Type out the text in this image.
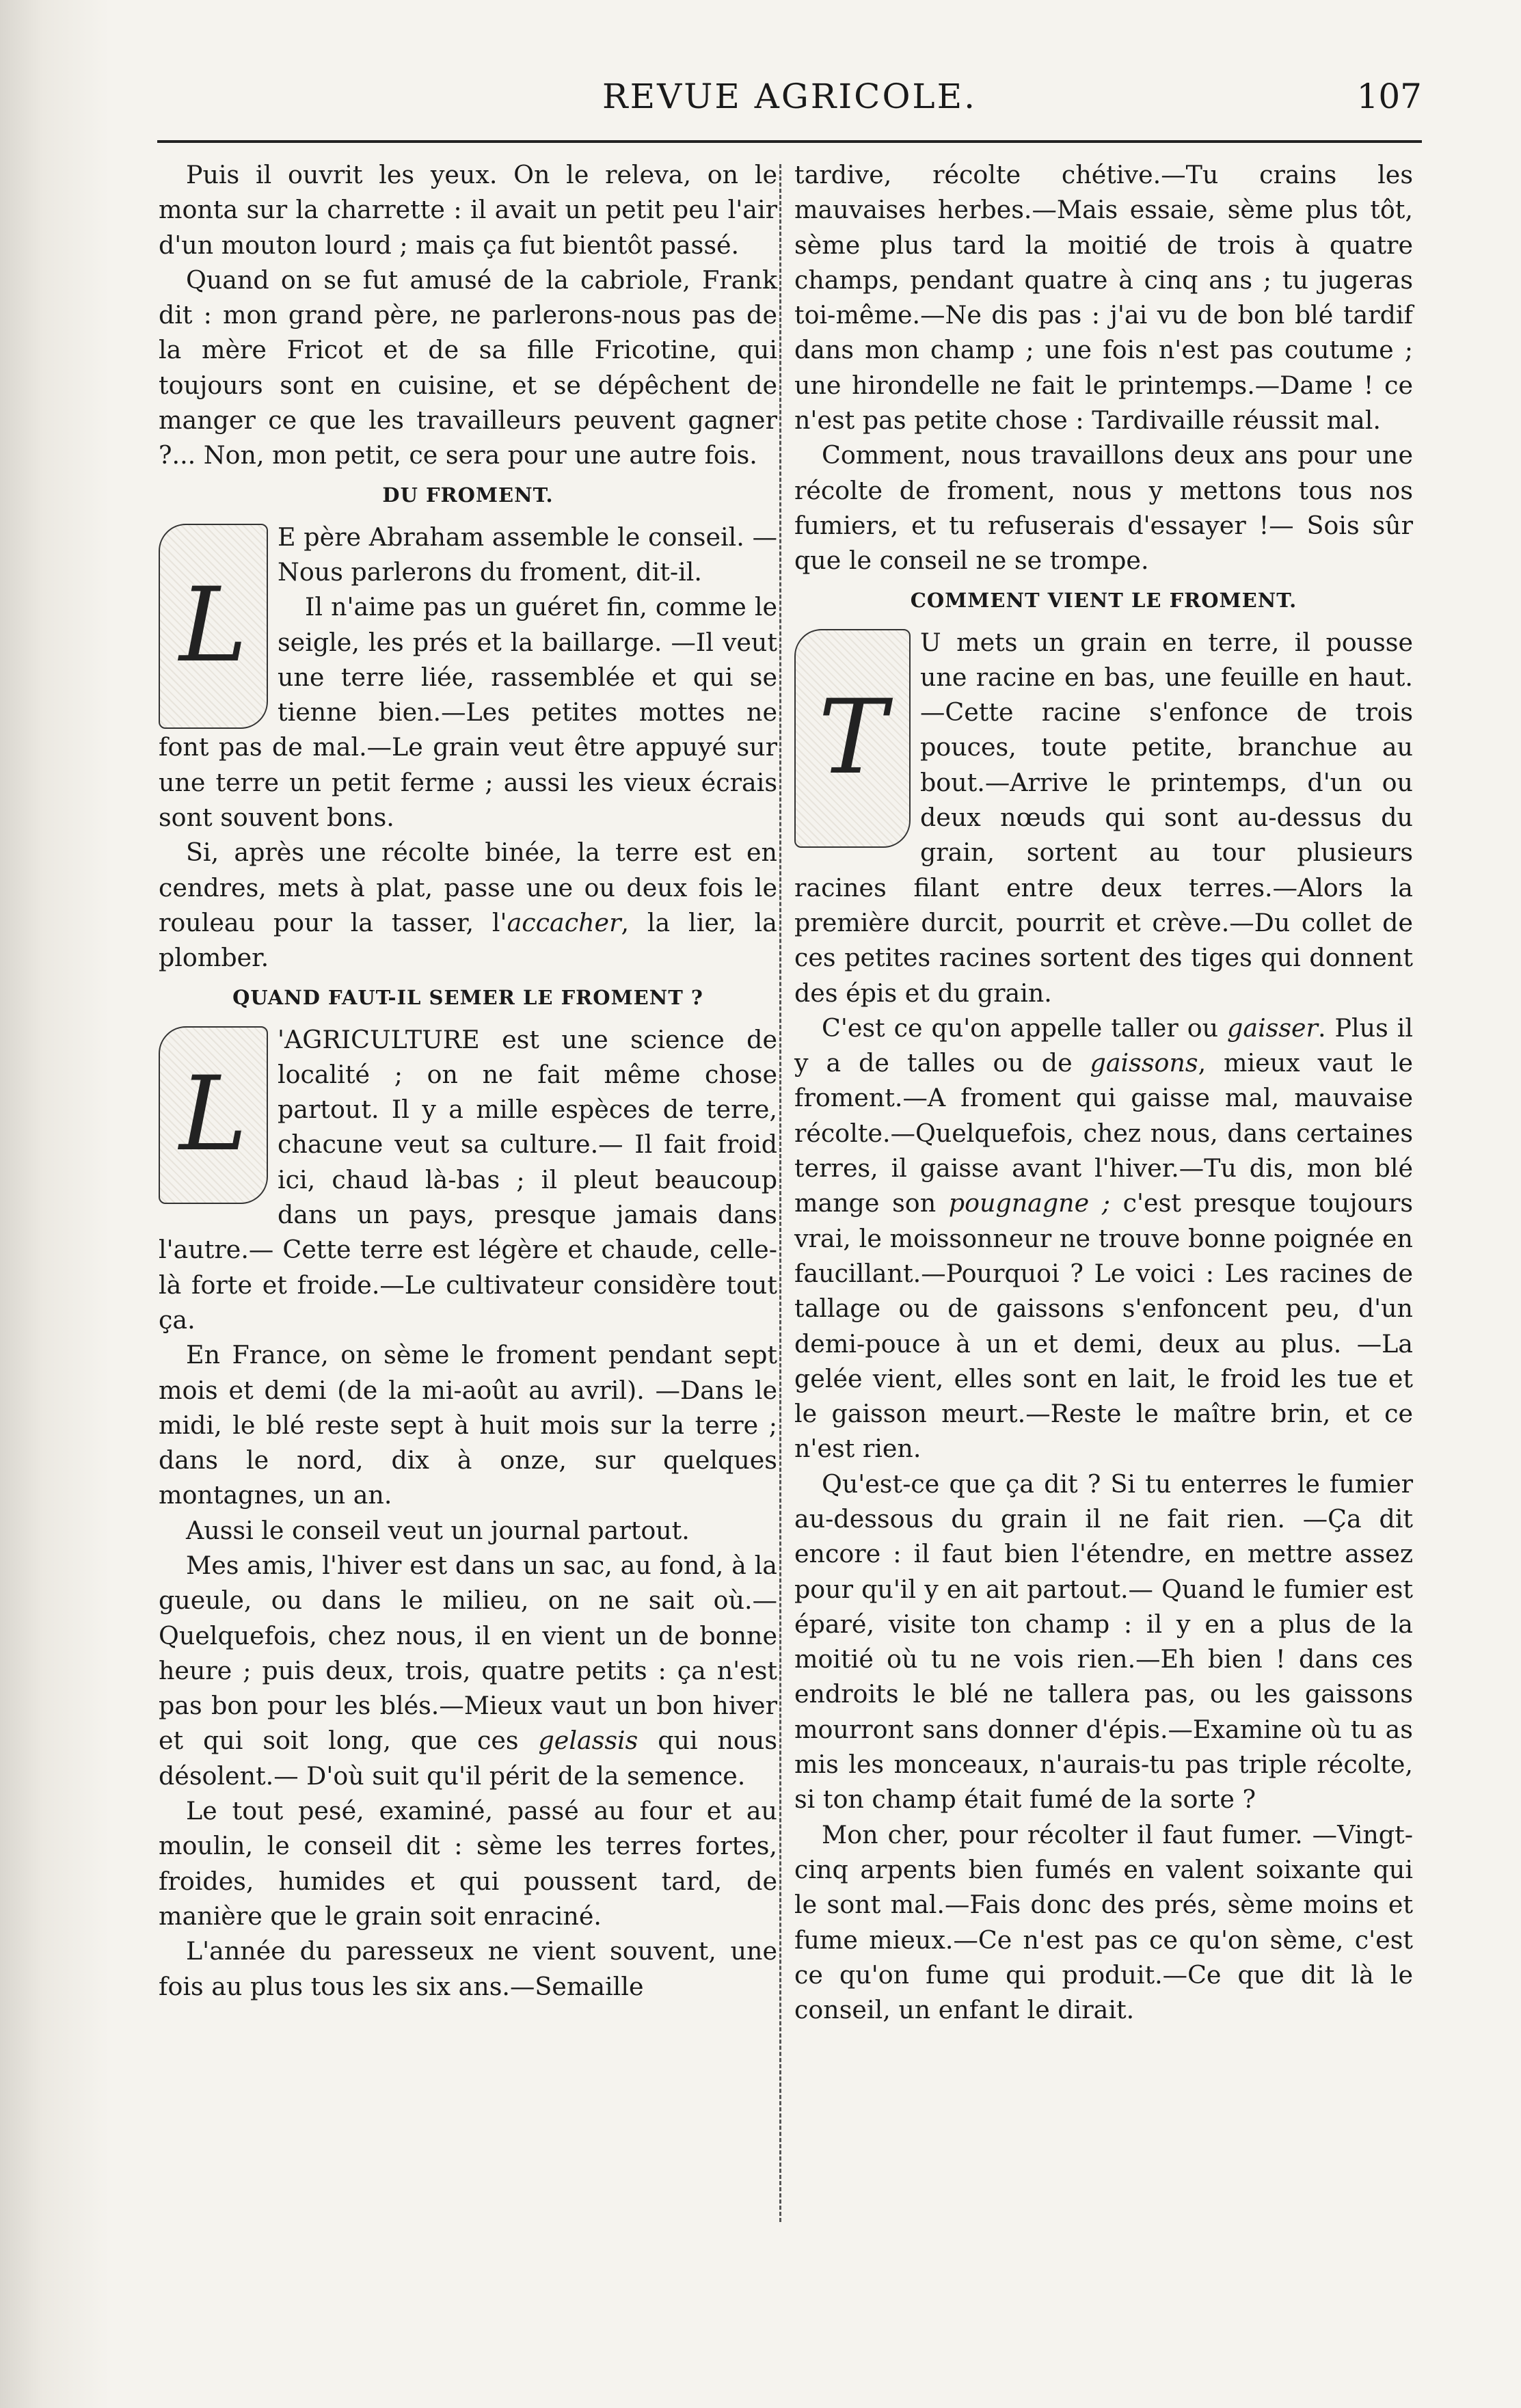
REVUE AGRICOLE.	107

Puis il ouvrit les yeux. On le releva, on le monta sur la charrette : il avait un petit peu l'air d'un mouton lourd ; mais ça fut bientôt passé.

Quand on se fut amusé de la cabriole, Frank dit : mon grand père, ne parlerons-nous pas de la mère Fricot et de sa fille Fricotine, qui toujours sont en cuisine, et se dépêchent de manger ce que les travailleurs peuvent gagner ?... Non, mon petit, ce sera pour une autre fois.

DU FROMENT.
L

E père Abraham assemble le conseil. —Nous parlerons du froment, dit-il.

Il n'aime pas un guéret fin, comme le seigle, les prés et la baillarge. —Il veut une terre liée, rassemblée et qui se tienne bien.—Les petites mottes ne font pas de mal.—Le grain veut être appuyé sur une terre un petit ferme ; aussi les vieux écrais sont souvent bons.

Si, après une récolte binée, la terre est en cendres, mets à plat, passe une ou deux fois le rouleau pour la tasser, l'accacher, la lier, la plomber.

QUAND FAUT-IL SEMER LE FROMENT ?
L

'AGRICULTURE est une science de localité ; on ne fait même chose partout. Il y a mille espèces de terre, chacune veut sa culture.— Il fait froid ici, chaud là-bas ; il pleut beaucoup dans un pays, presque jamais dans l'autre.— Cette terre est légère et chaude, celle-là forte et froide.—Le cultivateur considère tout ça.

En France, on sème le froment pendant sept mois et demi (de la mi-août au avril). —Dans le midi, le blé reste sept à huit mois sur la terre ; dans le nord, dix à onze, sur quelques montagnes, un an.

Aussi le conseil veut un journal partout.

Mes amis, l'hiver est dans un sac, au fond, à la gueule, ou dans le milieu, on ne sait où.—Quelquefois, chez nous, il en vient un de bonne heure ; puis deux, trois, quatre petits : ça n'est pas bon pour les blés.—Mieux vaut un bon hiver et qui soit long, que ces gelassis qui nous désolent.— D'où suit qu'il périt de la semence.

Le tout pesé, examiné, passé au four et au moulin, le conseil dit : sème les terres fortes, froides, humides et qui poussent tard, de manière que le grain soit enraciné.

L'année du paresseux ne vient souvent, une fois au plus tous les six ans.—Semaille

tardive, récolte chétive.—Tu crains les mauvaises herbes.—Mais essaie, sème plus tôt, sème plus tard la moitié de trois à quatre champs, pendant quatre à cinq ans ; tu jugeras toi-même.—Ne dis pas : j'ai vu de bon blé tardif dans mon champ ; une fois n'est pas coutume ; une hirondelle ne fait le printemps.—Dame ! ce n'est pas petite chose : Tardivaille réussit mal.

Comment, nous travaillons deux ans pour une récolte de froment, nous y mettons tous nos fumiers, et tu refuserais d'essayer !— Sois sûr que le conseil ne se trompe.

COMMENT VIENT LE FROMENT.
T

U mets un grain en terre, il pousse une racine en bas, une feuille en haut.—Cette racine s'enfonce de trois pouces, toute petite, branchue au bout.—Arrive le printemps, d'un ou deux nœuds qui sont au-dessus du grain, sortent au tour plusieurs racines filant entre deux terres.—Alors la première durcit, pourrit et crève.—Du collet de ces petites racines sortent des tiges qui donnent des épis et du grain.

C'est ce qu'on appelle taller ou gaisser. Plus il y a de talles ou de gaissons, mieux vaut le froment.—A froment qui gaisse mal, mauvaise récolte.—Quelquefois, chez nous, dans certaines terres, il gaisse avant l'hiver.—Tu dis, mon blé mange son pougnagne ; c'est presque toujours vrai, le moissonneur ne trouve bonne poignée en faucillant.—Pourquoi ? Le voici : Les racines de tallage ou de gaissons s'enfoncent peu, d'un demi-pouce à un et demi, deux au plus. —La gelée vient, elles sont en lait, le froid les tue et le gaisson meurt.—Reste le maître brin, et ce n'est rien.

Qu'est-ce que ça dit ? Si tu enterres le fumier au-dessous du grain il ne fait rien. —Ça dit encore : il faut bien l'étendre, en mettre assez pour qu'il y en ait partout.— Quand le fumier est éparé, visite ton champ : il y en a plus de la moitié où tu ne vois rien.—Eh bien ! dans ces endroits le blé ne tallera pas, ou les gaissons mourront sans donner d'épis.—Examine où tu as mis les monceaux, n'aurais-tu pas triple récolte, si ton champ était fumé de la sorte ?

Mon cher, pour récolter il faut fumer. —Vingt-cinq arpents bien fumés en valent soixante qui le sont mal.—Fais donc des prés, sème moins et fume mieux.—Ce n'est pas ce qu'on sème, c'est ce qu'on fume qui produit.—Ce que dit là le conseil, un enfant le dirait.
